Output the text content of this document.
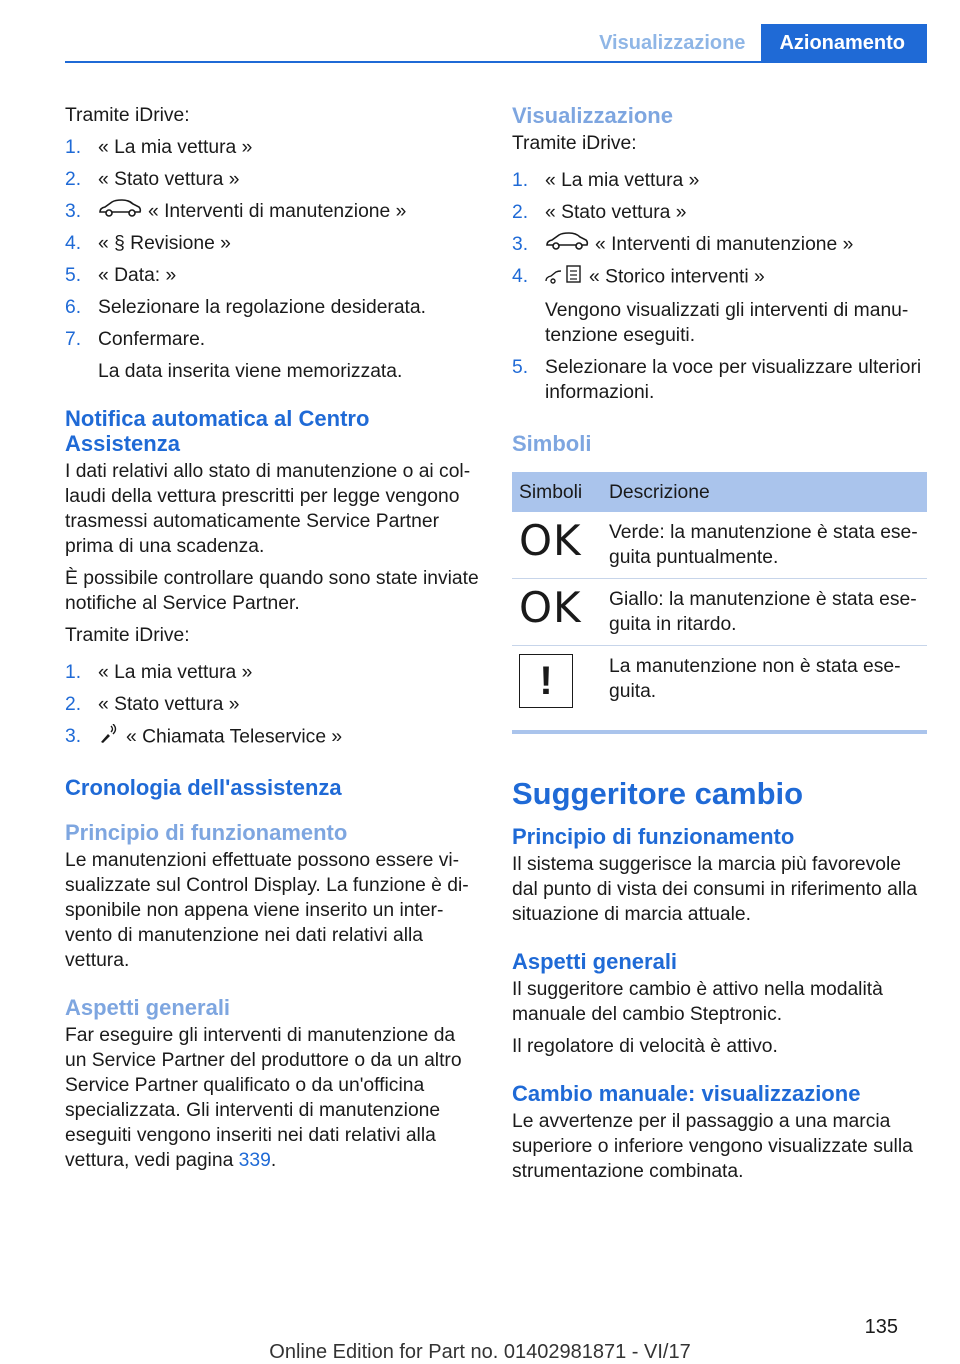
Visualizzazione	Azionamento

Tramite iDrive:

1. « La mia vettura »
2. « Stato vettura »
3.	« Interventi di manutenzione »
4. « § Revisione »
5. « Data: »
6. Selezionare la regolazione desiderata.
7. Confermare.
La data inserita viene memorizzata.
Notifica automatica al Centro Assistenza

I dati relativi allo stato di manutenzione o ai collaudi della vettura prescritti per legge vengono trasmessi automaticamente Service Partner prima di una scadenza.

È possibile controllare quando sono state inviate notifiche al Service Partner.

Tramite iDrive:

1. « La mia vettura »
2. « Stato vettura »
3. « Chiamata Teleservice »
Cronologia dell'assistenza
Principio di funzionamento

Le manutenzioni effettuate possono essere visualizzate sul Control Display. La funzione è disponibile non appena viene inserito un intervento di manutenzione nei dati relativi alla vettura.

Aspetti generali

Far eseguire gli interventi di manutenzione da un Service Partner del produttore o da un altro Service Partner qualificato o da un'officina specializzata. Gli interventi di manutenzione eseguiti vengono inseriti nei dati relativi alla vettura, vedi pagina 339.

Visualizzazione

Tramite iDrive:

1. « La mia vettura »
2. « Stato vettura »
3.	« Interventi di manutenzione »
4.	« Storico interventi »
Vengono visualizzati gli interventi di manutenzione eseguiti.
5. Selezionare la voce per visualizzare ulteriori informazioni.
Simboli
Simboli	Descrizione
OK	Verde: la manutenzione è stata eseguita puntualmente.
OK	Giallo: la manutenzione è stata eseguita in ritardo.

!	La manutenzione non è stata eseguita.
Suggeritore cambio
Principio di funzionamento

Il sistema suggerisce la marcia più favorevole dal punto di vista dei consumi in riferimento alla situazione di marcia attuale.

Aspetti generali

Il suggeritore cambio è attivo nella modalità manuale del cambio Steptronic.

Il regolatore di velocità è attivo.

Cambio manuale: visualizzazione

Le avvertenze per il passaggio a una marcia superiore o inferiore vengono visualizzate sulla strumentazione combinata.

135
Online Edition for Part no. 01402981871 - VI/17
